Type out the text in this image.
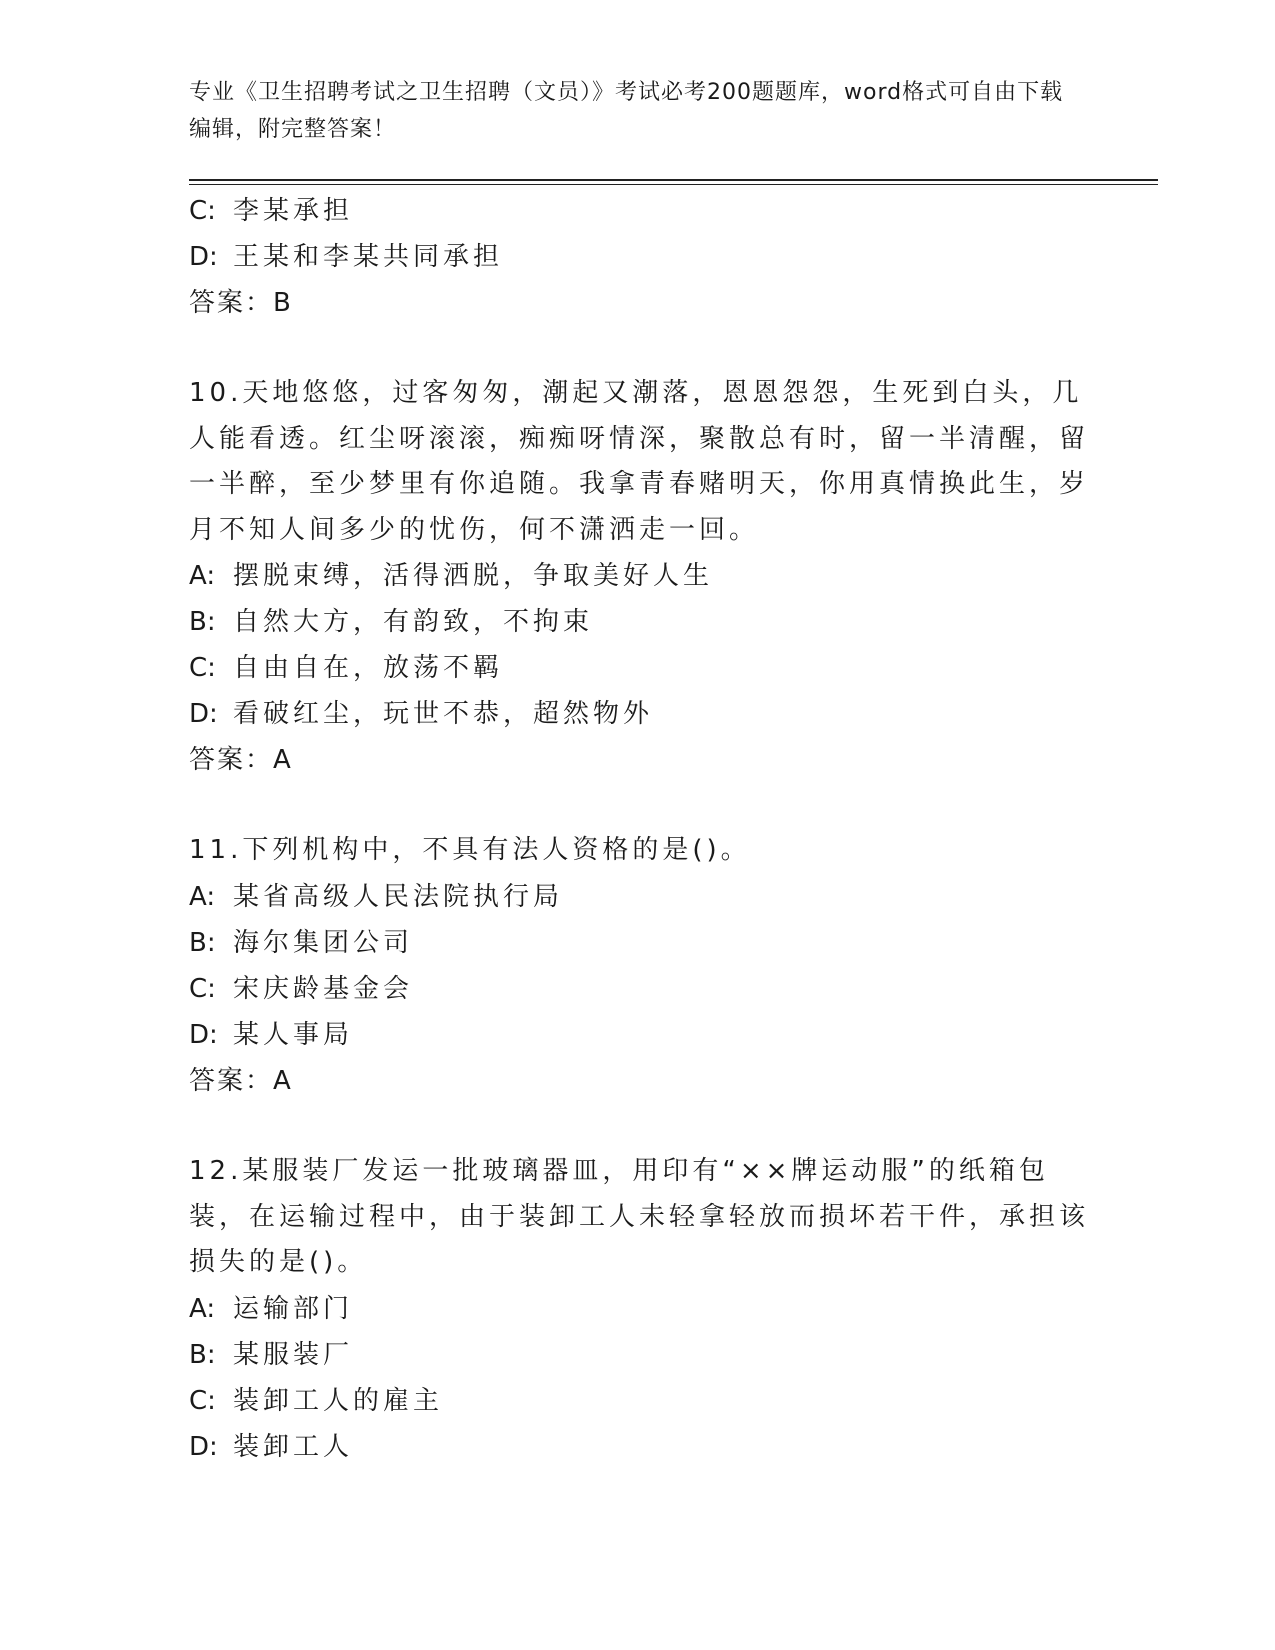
专业《卫生招聘考试之卫生招聘（文员）》考试必考200题题库，word格式可自由下载编辑，附完整答案！
C: 李某承担
D: 王某和李某共同承担
答案：B
10.天地悠悠，过客匆匆，潮起又潮落，恩恩怨怨，生死到白头，几人能看透。红尘呀滚滚，痴痴呀情深，聚散总有时，留一半清醒，留一半醉，至少梦里有你追随。我拿青春赌明天，你用真情换此生，岁月不知人间多少的忧伤，何不潇洒走一回。
A: 摆脱束缚，活得洒脱，争取美好人生
B: 自然大方，有韵致，不拘束
C: 自由自在，放荡不羁
D: 看破红尘，玩世不恭，超然物外
答案：A
11.下列机构中，不具有法人资格的是()。
A: 某省高级人民法院执行局
B: 海尔集团公司
C: 宋庆龄基金会
D: 某人事局
答案：A
12.某服装厂发运一批玻璃器皿，用印有“××牌运动服”的纸箱包装，在运输过程中，由于装卸工人未轻拿轻放而损坏若干件，承担该损失的是()。
A: 运输部门
B: 某服装厂
C: 装卸工人的雇主
D: 装卸工人
